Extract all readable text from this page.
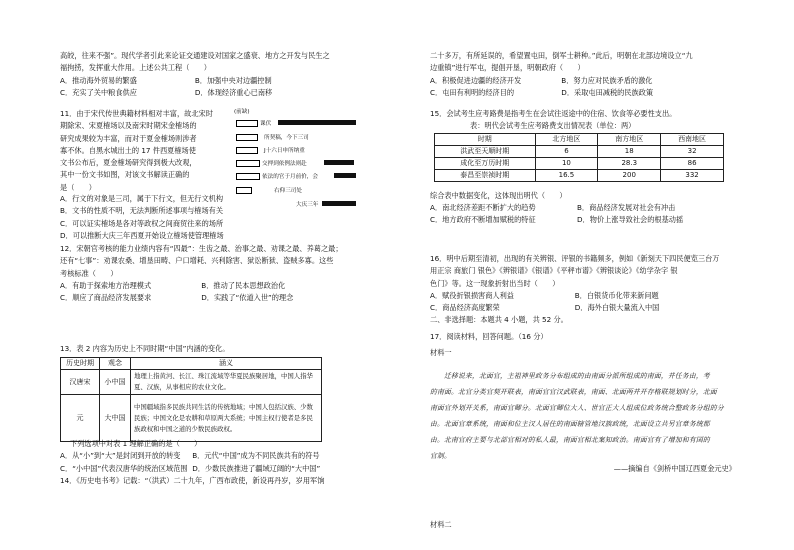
高皎，往来不强”。现代学者引此来论证交通建设对国家之盛衰、地方之开发与民生之
福拘捞，发挥重大作用。上述公共工程（　　）
A．推动海外贸易的繁盛	B．加强中央对边疆控制
C．充实了关中粮食供应	D．体现经济重心已南移
11．由于宋代传世典籍材料相对丰富，故北宋时
期除宋、宋夏榷场以及南宋时期宋金榷场的
研究成果较为丰富，而对于夏金榷场则涉者
寡不休。自黑水城出土的 17 件西夏榷场使
文书公布后，夏金榷场研究得到极大改观，
其中一份文书如图，对该文书解读正确的
是（　　）
A．行文的对象是三司，属于下行文，但无行文机构
B．文书的性质不明，无法判断所述事项与榷场有关
C．可以证实榷场是各对等政权之间商贸往来的场所
D．可以推断大庆三年西夏开始设立榷场使管理榷场
12．宋朝官考核的能力业绩内容有“四最”：生齿之最、治事之最、劝课之最、养葛之最；
还有“七事”：劝课农桑、增垦田畴、户口增耗、兴利除害、狱讼断狱、盗贼多寡。这些
考核标准（　　）
A．有助于探索地方治理模式	B．推动了民本思想政治化
C．顺应了商品经济发展要求	D．实践了“依道入世”的理念
13．表 2 内容为历史上不同时期“中国”内涵的变化。
历史时期	观念	涵义
汉唐宋	小中国	地理上指黄河、长江、珠江流域等华夏民族聚居地，中国人指华夏、汉族，从事相应的农业文化。
元	大中国	中国疆域指多民族共同生活的传统地域；中国人包括汉族、少数民族；中国文化是农耕和草原两大系统；中国主权行使者是多民族政权和中国之道的少数民族政权。
下列选项中对表 1 理解正确的是（　　）
A．从“小”到“大”是封闭到开放的转变	B．元代“中国”成为不同民族共有的符号
C．“小中国”代表汉唐华的统治区域范围 D．少数民族推进了疆域辽阔的“大中国”
14．《历史电书考》记载：“（洪武）二十九年，广西布政使，新设再丹岁，岁用军饷
(前缺)
课伏
所契稿，今下三司
J十六日申所纳重
交押到依例法则赴
依法的官于月前价，会
右仰三司处
大庆三年
二十多万，有所延误的，希望置屯田，倒军士耕种。”此后，明朝在北部边境设立“九
边重镇”进行军屯，提倡开垦，明朝政府（　　）
A．积极促进边疆的经济开发	B．努力应对民族矛盾的激化
C．屯田有利明的经济目的	D．采取屯田减税的民族政策
15．会试考生应考路费是指考生在会试往返途中的住宿、饮食等必要性支出。
表：明代会试考生应考路费支出情况表（单位：两）
时期	北方地区	南方地区	西南地区
洪武至天顺时期	6	18	32
成化至万历时期	10	28.3	86
泰昌至崇祯时期	16.5	200	332
综合表中数据变化，这体现出明代（　　）
A．南北经济差距不断扩大的趋势	B．商品经济发展对社会有冲击
C．地方政府不断增加赋税的特征	D．物价上涨导致社会的根基动摇
16．明中后期至清初，出现的有关辨银、评银的书籍频多，例如《新刻天下四民便览三台万
用正宗 商旅门 银色》《辨银谱》《银谱》《平秤市谱》《辨银谈论》《幼学杂字 银
色门》等。这一现象折射出当时（　　）
A．赋役折银损害商人利益	B．白银货币化带来新问题
C．商品经济高度繁荣	D．海外白银大量流入中国
二、非选择题：本题共 4 小题，共 52 分。
17．阅读材料，回答问题。（16 分）
材料一
　　迁移说来，北面官，主祖神里政务分布组成的由南面分派所组成的南面，并任务由，考
的南面。北官分类官契开联表，南面官官汉武联表，南面、北面两并开存格联规划时分，北面
南面官外划开关系，南面官卿分。北面官卿位大人、世官正大人组成位政务统合整政务分组的分
由。北面官章系统，南面和位主汉人居住的南面辖管地汉族政统，北面设立共另官章务统都
由。北南官府主要与北部官相对的私人最，南面官相北案知政治。南面官有了增加和有国的
官制。
——摘编自《剑桥中国辽西夏金元史》
材料二
